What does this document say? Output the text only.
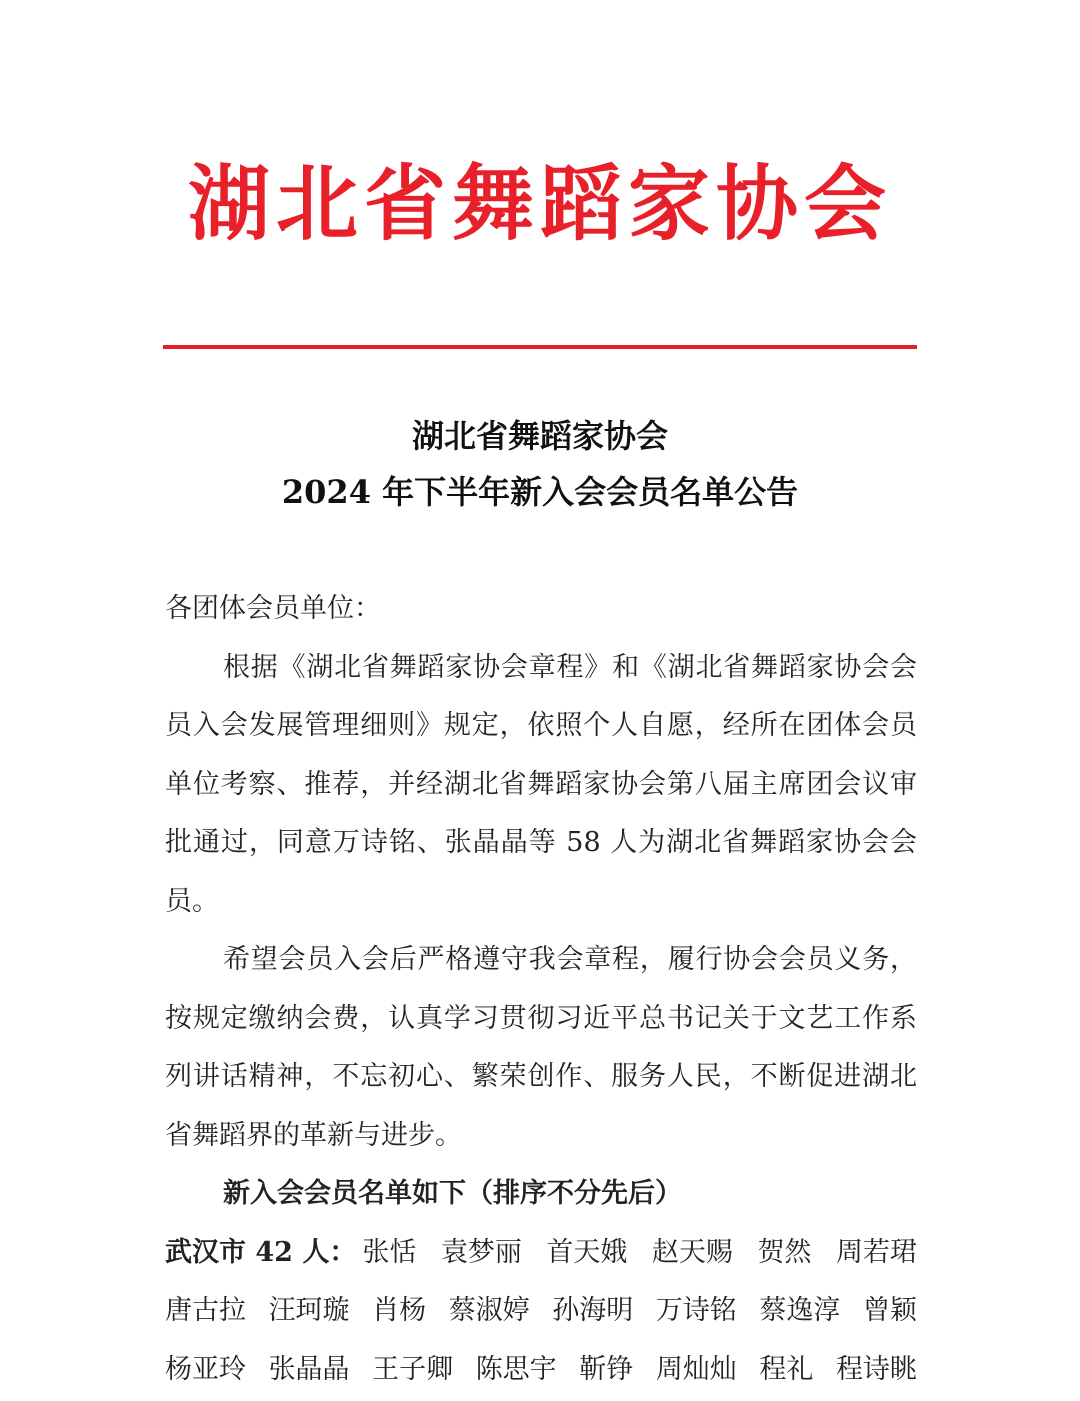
湖北省舞蹈家协会
湖北省舞蹈家协会
2024 年下半年新入会会员名单公告

各团体会员单位：

根据《湖北省舞蹈家协会章程》和《湖北省舞蹈家协会会员入会发展管理细则》规定，依照个人自愿，经所在团体会员单位考察、推荐，并经湖北省舞蹈家协会第八届主席团会议审批通过，同意万诗铭、张晶晶等 58 人为湖北省舞蹈家协会会员。

希望会员入会后严格遵守我会章程，履行协会会员义务，按规定缴纳会费，认真学习贯彻习近平总书记关于文艺工作系列讲话精神，不忘初心、繁荣创作、服务人民，不断促进湖北省舞蹈界的革新与进步。

新入会会员名单如下（排序不分先后）

武汉市 42 人： 张恬 袁梦丽 首天娥 赵天赐 贺然 周若珺
唐古拉 汪珂璇 肖杨 蔡淑婷 孙海明 万诗铭 蔡逸淳 曾颖
杨亚玲 张晶晶 王子卿 陈思宇 靳铮 周灿灿 程礼 程诗眺
